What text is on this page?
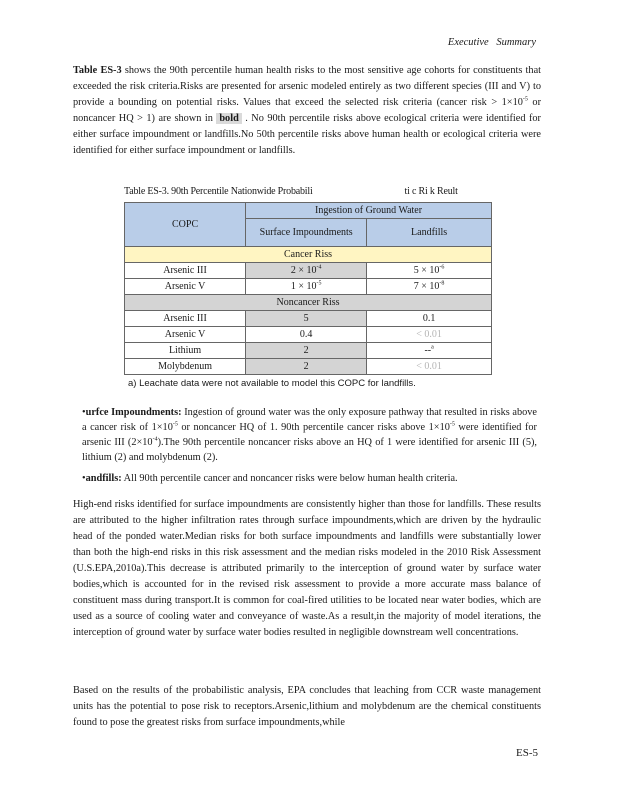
Executive Summary
Table ES-3 shows the 90th percentile human health risks to the most sensitive age cohorts for constituents that exceeded the risk criteria.Risks are presented for arsenic modeled entirely as two different species (III and V) to provide a bounding on potential risks. Values that exceed the selected risk criteria (cancer risk > $1\times 10^{-5}$ or noncancer HQ > 1) are shown in bold . No 90th percentile risks above ecological criteria were identified for either surface impoundment or landfills.No 50th percentile risks above human health or ecological criteria were identified for either surface impoundment or landfills.
Table ES-3. 90th Percentile Nationwide Probabili	ti c Ri k Reult
COPC	Ingestion of Ground Water	
	Surface Impoundments	Landfills
Cancer Riss		
Arsenic III	$2 \times 10^{-4}$	$5 \times 10^{-6}$
Arsenic V	$1 \times 10^{-5}$	$7 \times 10^{-8}$
Noncancer Riss		
Arsenic III	5	0.1
Arsenic V	0.4	< 0.01
Lithium	2	--$^a$
Molybdenum	2	< 0.01
a) Leachate data were not available to model this COPC for landfills.
•urfce Impoundments: Ingestion of ground water was the only exposure pathway that resulted in risks above a cancer risk of $1\times 10^{-5}$ or noncancer HQ of 1. 90th percentile cancer risks above $1\times 10^{-5}$ were identified for arsenic III $(2\times 10^{-4}).The$ 90th percentile noncancer risks above an HQ of 1 were identified for arsenic III (5), lithium (2) and molybdenum (2).
•andfills: All 90th percentile cancer and noncancer risks were below human health criteria.
High-end risks identified for surface impoundments are consistently higher than those for landfills. These results are attributed to the higher infiltration rates through surface impoundments,which are driven by the hydraulic head of the ponded water.Median risks for both surface impoundments and landfills were substantially lower than both the high-end risks in this risk assessment and the median risks modeled in the 2010 Risk Assessment (U.S.EPA,2010a).This decrease is attributed primarily to the interception of ground water by surface water bodies,which is accounted for in the revised risk assessment to provide a more accurate mass balance of constituent mass during transport.It is common for coal-fired utilities to be located near water bodies, which are used as a source of cooling water and conveyance of waste.As a result,in the majority of model iterations, the interception of ground water by surface water bodies resulted in negligible downstream well concentrations.
Based on the results of the probabilistic analysis, EPA concludes that leaching from CCR waste management units has the potential to pose risk to receptors.Arsenic,lithium and molybdenum are the chemical constituents found to pose the greatest risks from surface impoundments,while
ES-5
